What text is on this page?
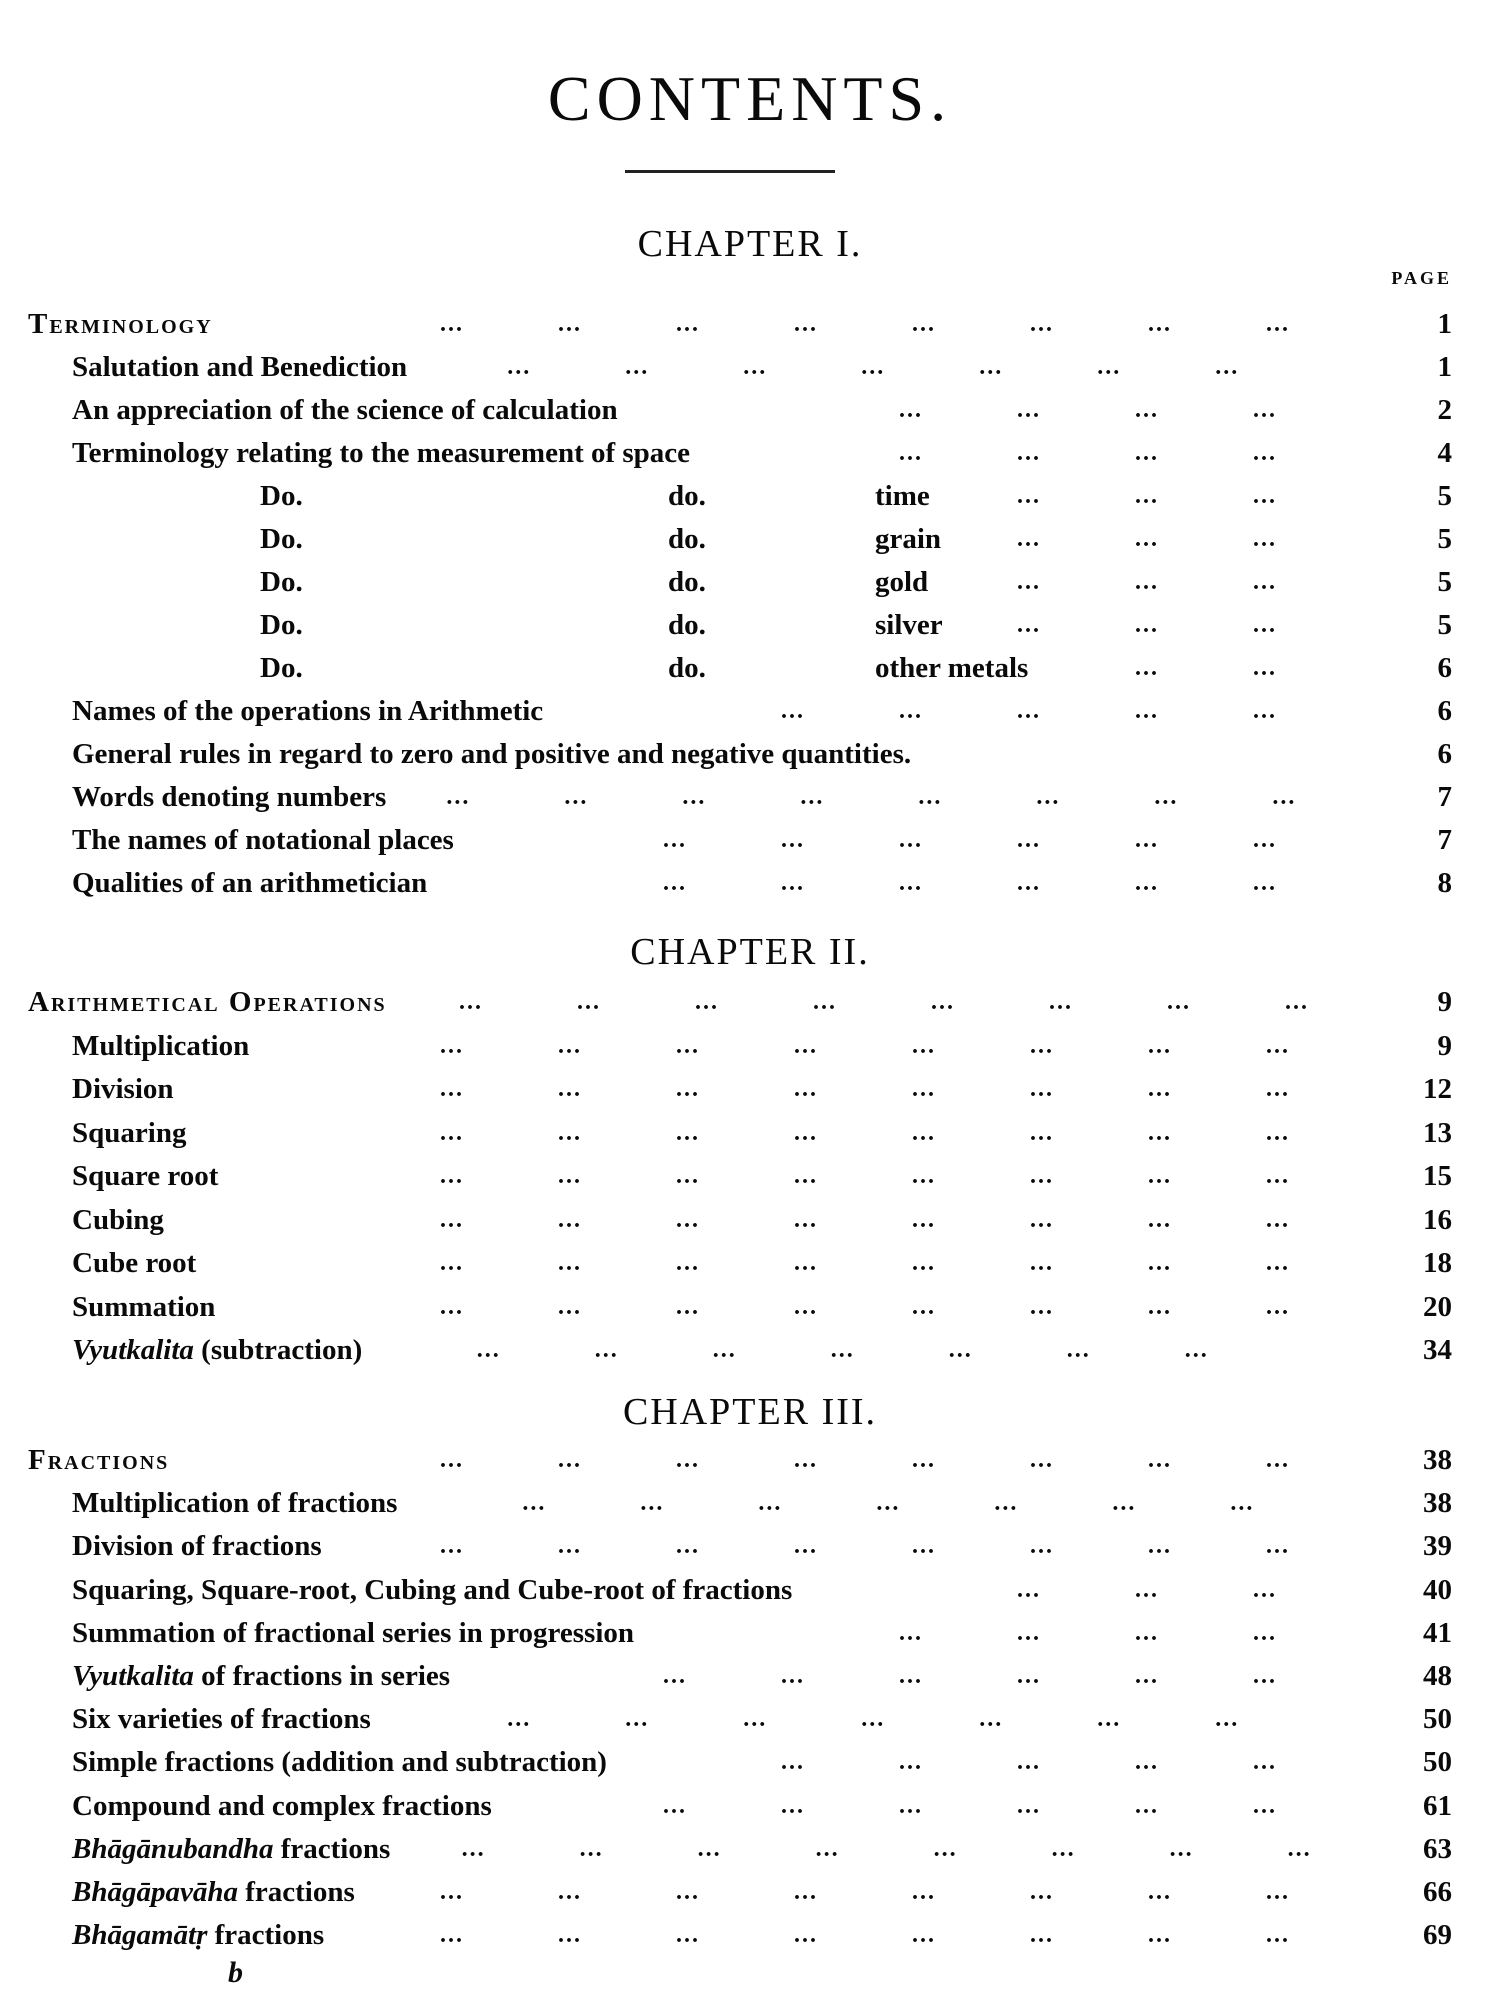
CONTENTS.
CHAPTER I.
PAGE
CHAPTER II.
CHAPTER III.
Terminology	...	...	...	...	...	...	...	...	1
Salutation and Benediction	...	...	...	...	...	...	...	1
An appreciation of the science of calculation	...	...	...	...	2
Terminology relating to the measurement of space	...	...	...	...	4
Do.	do.	time	...	...	...	5
Do.	do.	grain	...	...	...	5
Do.	do.	gold	...	...	...	5
Do.	do.	silver	...	...	...	5
Do.	do.	other metals	...	...	6
Names of the operations in Arithmetic	...	...	...	...	...	6
General rules in regard to zero and positive and negative quantities.	6
Words denoting numbers	...	...	...	...	...	...	...	...	7
The names of notational places	...	...	...	...	...	...	7
Qualities of an arithmetician	...	...	...	...	...	...	8
Arithmetical Operations	...	...	...	...	...	...	...	...	9
Multiplication	...	...	...	...	...	...	...	...	9
Division	...	...	...	...	...	...	...	...	12
Squaring	...	...	...	...	...	...	...	...	13
Square root	...	...	...	...	...	...	...	...	15
Cubing	...	...	...	...	...	...	...	...	16
Cube root	...	...	...	...	...	...	...	...	18
Summation	...	...	...	...	...	...	...	...	20
Vyutkalita (subtraction)	...	...	...	...	...	...	...	34
Fractions	...	...	...	...	...	...	...	...	38
Multiplication of fractions	...	...	...	...	...	...	...	38
Division of fractions	...	...	...	...	...	...	...	...	39
Squaring, Square-root, Cubing and Cube-root of fractions	...	...	...	40
Summation of fractional series in progression	...	...	...	...	41
Vyutkalita of fractions in series	...	...	...	...	...	...	48
Six varieties of fractions	...	...	...	...	...	...	...	50
Simple fractions (addition and subtraction)	...	...	...	...	...	50
Compound and complex fractions	...	...	...	...	...	...	61
Bhāgānubandha fractions	...	...	...	...	...	...	...	...	63
Bhāgāpavāha fractions	...	...	...	...	...	...	...	...	66
Bhāgamātṛ fractions	...	...	...	...	...	...	...	...	69
b
